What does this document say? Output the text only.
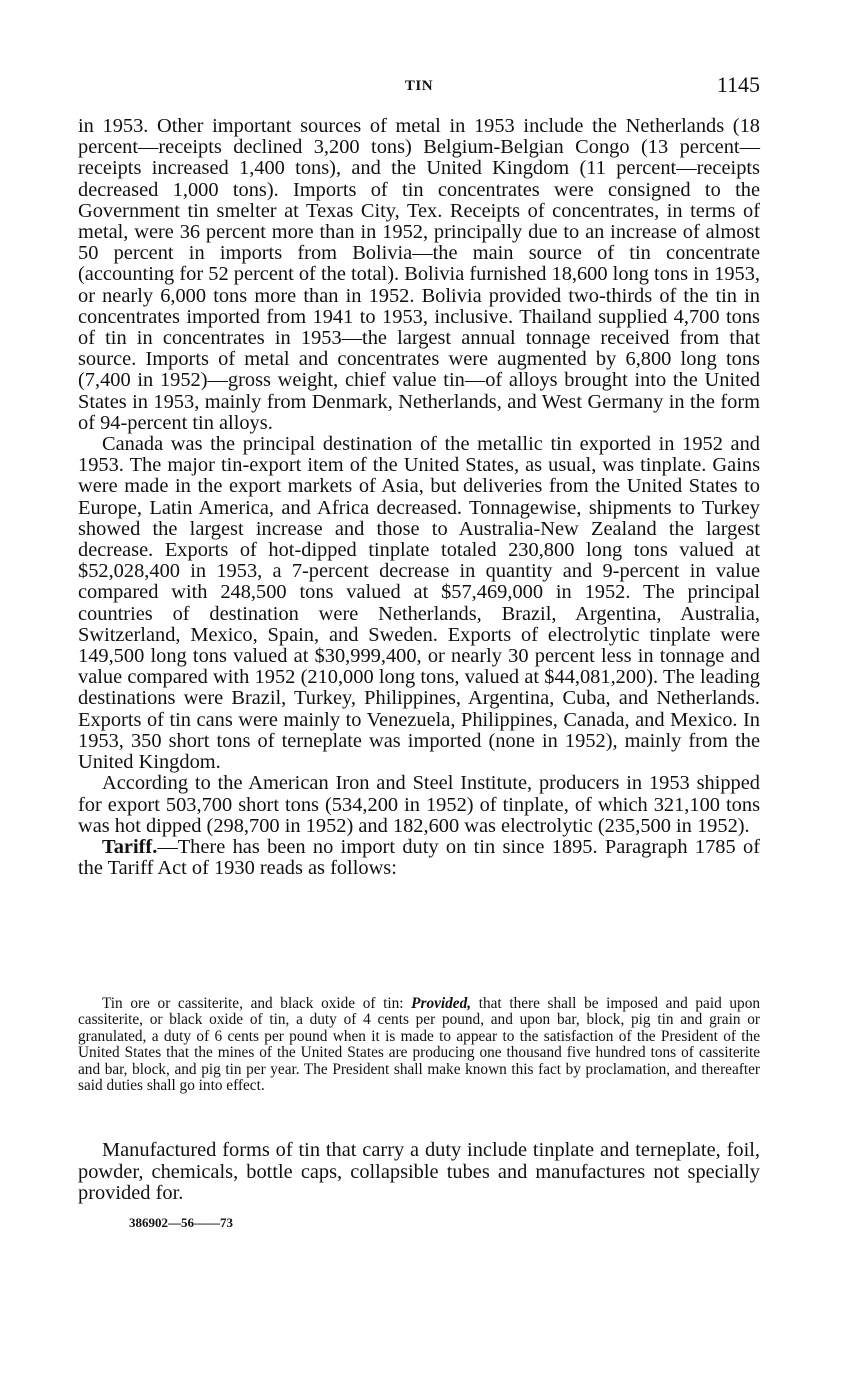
TIN	1145

in 1953. Other important sources of metal in 1953 include the Netherlands (18 percent—receipts declined 3,200 tons) Belgium-Belgian Congo (13 percent—receipts increased 1,400 tons), and the United Kingdom (11 percent—receipts decreased 1,000 tons). Imports of tin concentrates were consigned to the Government tin smelter at Texas City, Tex. Receipts of concentrates, in terms of metal, were 36 percent more than in 1952, principally due to an increase of almost 50 percent in imports from Bolivia—the main source of tin concentrate (accounting for 52 percent of the total). Bolivia furnished 18,600 long tons in 1953, or nearly 6,000 tons more than in 1952. Bolivia provided two-thirds of the tin in concentrates imported from 1941 to 1953, inclusive. Thailand supplied 4,700 tons of tin in concentrates in 1953—the largest annual tonnage received from that source. Imports of metal and concentrates were augmented by 6,800 long tons (7,400 in 1952)—gross weight, chief value tin—of alloys brought into the United States in 1953, mainly from Denmark, Netherlands, and West Germany in the form of 94-percent tin alloys.

Canada was the principal destination of the metallic tin exported in 1952 and 1953. The major tin-export item of the United States, as usual, was tinplate. Gains were made in the export markets of Asia, but deliveries from the United States to Europe, Latin America, and Africa decreased. Tonnagewise, shipments to Turkey showed the largest increase and those to Australia-New Zealand the largest decrease. Exports of hot-dipped tinplate totaled 230,800 long tons valued at $52,028,400 in 1953, a 7-percent decrease in quantity and 9-percent in value compared with 248,500 tons valued at $57,469,000 in 1952. The principal countries of destination were Netherlands, Brazil, Argentina, Australia, Switzerland, Mexico, Spain, and Sweden. Exports of electrolytic tinplate were 149,500 long tons valued at $30,999,400, or nearly 30 percent less in tonnage and value compared with 1952 (210,000 long tons, valued at $44,081,200). The leading destinations were Brazil, Turkey, Philippines, Argentina, Cuba, and Netherlands. Exports of tin cans were mainly to Venezuela, Philippines, Canada, and Mexico. In 1953, 350 short tons of terneplate was imported (none in 1952), mainly from the United Kingdom.

According to the American Iron and Steel Institute, producers in 1953 shipped for export 503,700 short tons (534,200 in 1952) of tinplate, of which 321,100 tons was hot dipped (298,700 in 1952) and 182,600 was electrolytic (235,500 in 1952).

Tariff.—There has been no import duty on tin since 1895. Paragraph 1785 of the Tariff Act of 1930 reads as follows:

Tin ore or cassiterite, and black oxide of tin: Provided, that there shall be imposed and paid upon cassiterite, or black oxide of tin, a duty of 4 cents per pound, and upon bar, block, pig tin and grain or granulated, a duty of 6 cents per pound when it is made to appear to the satisfaction of the President of the United States that the mines of the United States are producing one thousand five hundred tons of cassiterite and bar, block, and pig tin per year. The President shall make known this fact by proclamation, and thereafter said duties shall go into effect.

Manufactured forms of tin that carry a duty include tinplate and terneplate, foil, powder, chemicals, bottle caps, collapsible tubes and manufactures not specially provided for.

386902—56——73
